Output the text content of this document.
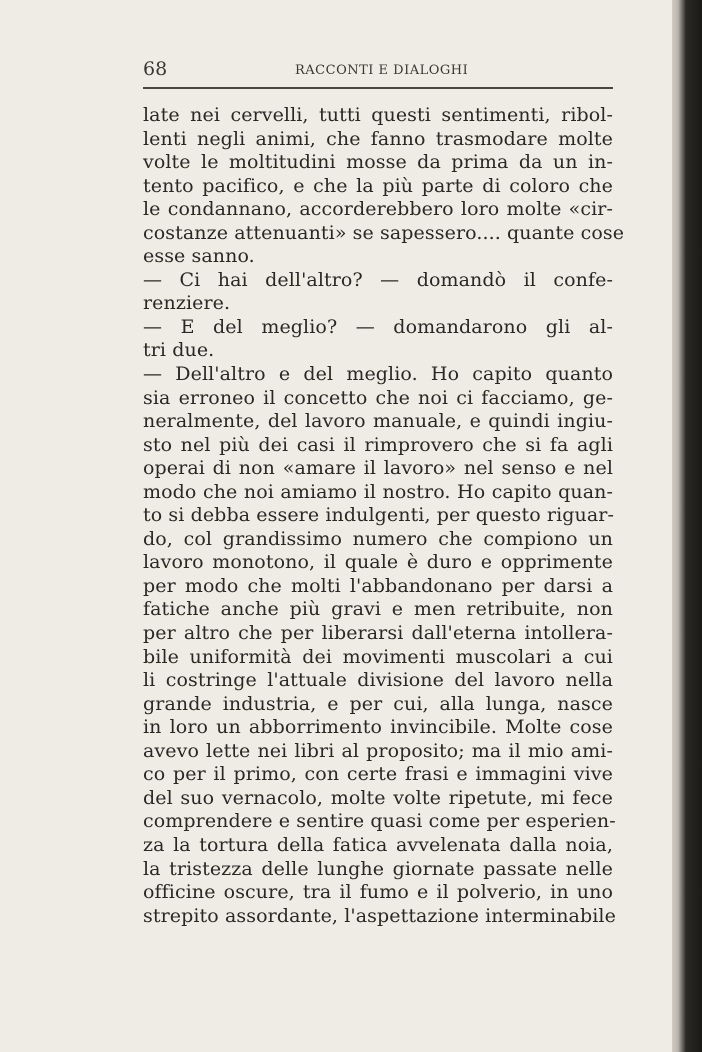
68	RACCONTI E DIALOGHI
late nei cervelli, tutti questi sentimenti, ribol-
lenti negli animi, che fanno trasmodare molte
volte le moltitudini mosse da prima da un in-
tento pacifico, e che la più parte di coloro che
le condannano, accorderebbero loro molte «cir-
costanze attenuanti» se sapessero.... quante cose
esse sanno.
— Ci hai dell'altro? — domandò il confe-
renziere.
— E del meglio? — domandarono gli al-
tri due.
— Dell'altro e del meglio. Ho capito quanto
sia erroneo il concetto che noi ci facciamo, ge-
neralmente, del lavoro manuale, e quindi ingiu-
sto nel più dei casi il rimprovero che si fa agli
operai di non «amare il lavoro» nel senso e nel
modo che noi amiamo il nostro. Ho capito quan-
to si debba essere indulgenti, per questo riguar-
do, col grandissimo numero che compiono un
lavoro monotono, il quale è duro e opprimente
per modo che molti l'abbandonano per darsi a
fatiche anche più gravi e men retribuite, non
per altro che per liberarsi dall'eterna intollera-
bile uniformità dei movimenti muscolari a cui
li costringe l'attuale divisione del lavoro nella
grande industria, e per cui, alla lunga, nasce
in loro un abborrimento invincibile. Molte cose
avevo lette nei libri al proposito; ma il mio ami-
co per il primo, con certe frasi e immagini vive
del suo vernacolo, molte volte ripetute, mi fece
comprendere e sentire quasi come per esperien-
za la tortura della fatica avvelenata dalla noia,
la tristezza delle lunghe giornate passate nelle
officine oscure, tra il fumo e il polverio, in uno
strepito assordante, l'aspettazione interminabile
